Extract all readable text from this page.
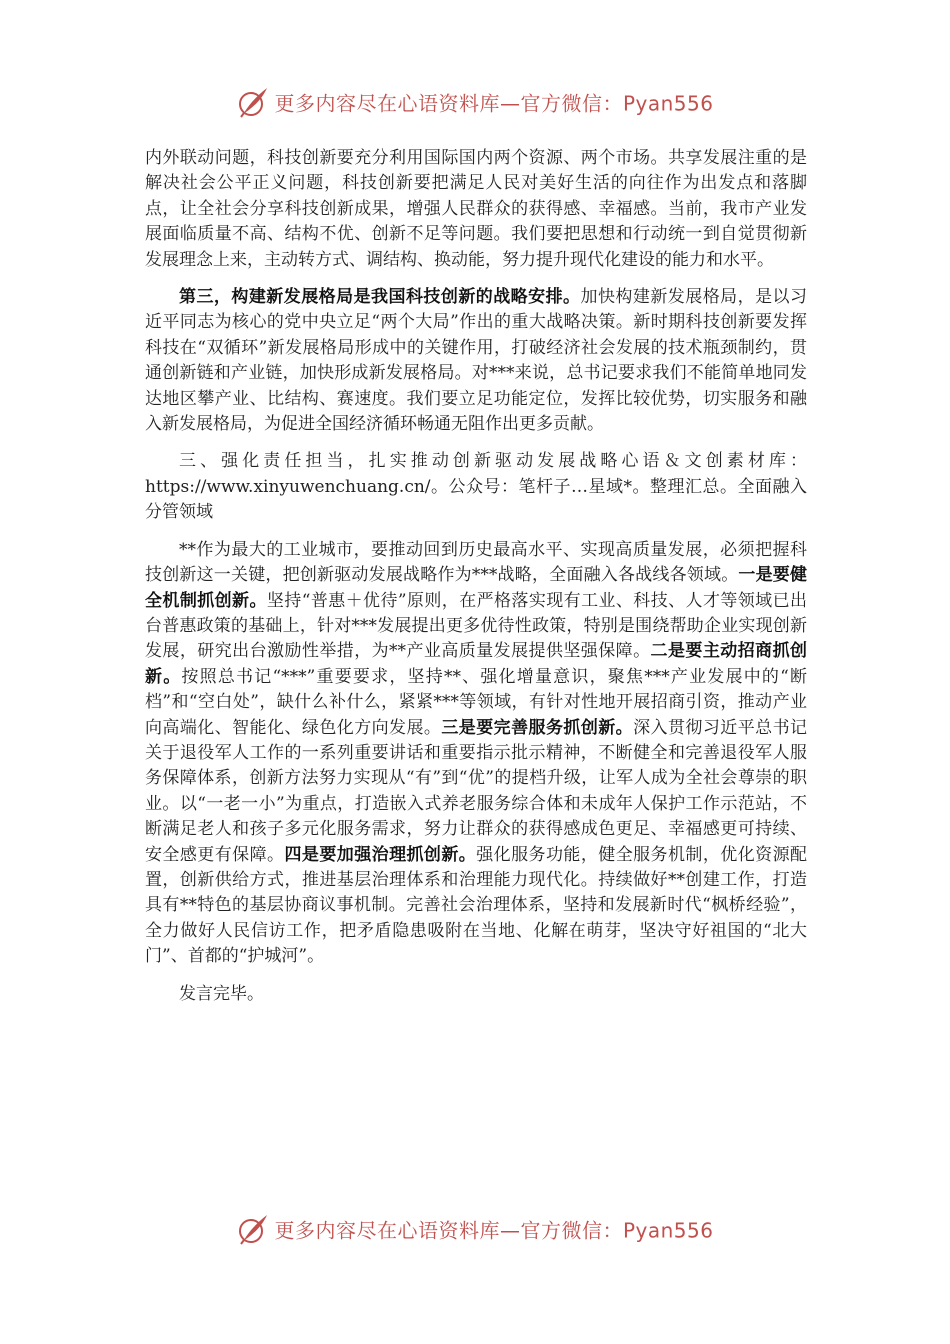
更多内容尽在心语资料库—官方微信：Pyan556

内外联动问题，科技创新要充分利用国际国内两个资源、两个市场。共享发展注重的是解决社会公平正义问题，科技创新要把满足人民对美好生活的向往作为出发点和落脚点，让全社会分享科技创新成果，增强人民群众的获得感、幸福感。当前，我市产业发展面临质量不高、结构不优、创新不足等问题。我们要把思想和行动统一到自觉贯彻新发展理念上来，主动转方式、调结构、换动能，努力提升现代化建设的能力和水平。

第三，构建新发展格局是我国科技创新的战略安排。加快构建新发展格局，是以习近平同志为核心的党中央立足“两个大局”作出的重大战略决策。新时期科技创新要发挥科技在“双循环”新发展格局形成中的关键作用，打破经济社会发展的技术瓶颈制约，贯通创新链和产业链，加快形成新发展格局。对***来说，总书记要求我们不能简单地同发达地区攀产业、比结构、赛速度。我们要立足功能定位，发挥比较优势，切实服务和融入新发展格局，为促进全国经济循环畅通无阻作出更多贡献。

三、强化责任担当，扎实推动创新驱动发展战略心语＆文创素材库：https://www.xinyuwenchuang.cn/。公众号：笔杆子…星域*。整理汇总。全面融入分管领域

**作为最大的工业城市，要推动回到历史最高水平、实现高质量发展，必须把握科技创新这一关键，把创新驱动发展战略作为***战略，全面融入各战线各领域。一是要健全机制抓创新。坚持“普惠＋优待”原则，在严格落实现有工业、科技、人才等领域已出台普惠政策的基础上，针对***发展提出更多优待性政策，特别是围绕帮助企业实现创新发展，研究出台激励性举措，为**产业高质量发展提供坚强保障。二是要主动招商抓创新。按照总书记“***”重要要求，坚持**、强化增量意识，聚焦***产业发展中的“断档”和“空白处”，缺什么补什么，紧紧***等领域，有针对性地开展招商引资，推动产业向高端化、智能化、绿色化方向发展。三是要完善服务抓创新。深入贯彻习近平总书记关于退役军人工作的一系列重要讲话和重要指示批示精神，不断健全和完善退役军人服务保障体系，创新方法努力实现从“有”到“优”的提档升级，让军人成为全社会尊崇的职业。以“一老一小”为重点，打造嵌入式养老服务综合体和未成年人保护工作示范站，不断满足老人和孩子多元化服务需求，努力让群众的获得感成色更足、幸福感更可持续、安全感更有保障。四是要加强治理抓创新。强化服务功能，健全服务机制，优化资源配置，创新供给方式，推进基层治理体系和治理能力现代化。持续做好**创建工作，打造具有**特色的基层协商议事机制。完善社会治理体系，坚持和发展新时代“枫桥经验”，全力做好人民信访工作，把矛盾隐患吸附在当地、化解在萌芽，坚决守好祖国的“北大门”、首都的“护城河”。

发言完毕。

更多内容尽在心语资料库—官方微信：Pyan556
